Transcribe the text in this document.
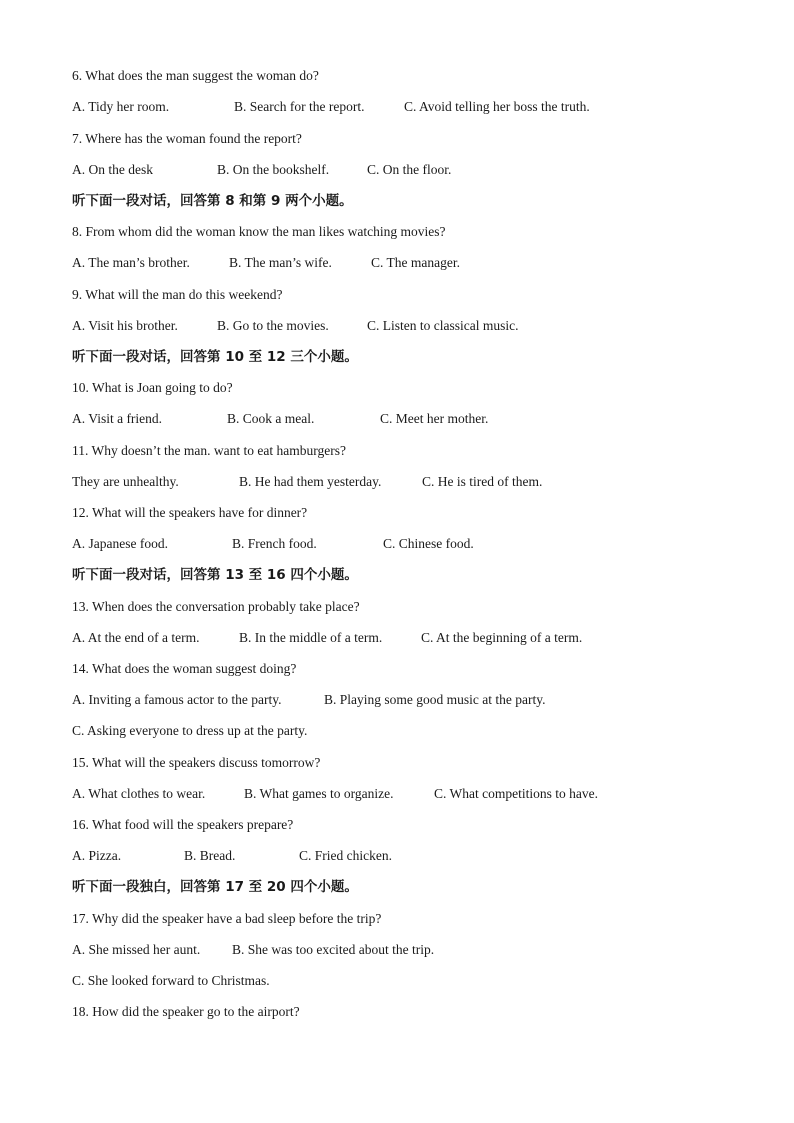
6. What does the man suggest the woman do?
A. Tidy her room.	B. Search for the report.	C. Avoid telling her boss the truth.
7. Where has the woman found the report?
A. On the desk	B. On the bookshelf.	C. On the floor.
听下面一段对话，回答第 8 和第 9 两个小题。
8. From whom did the woman know the man likes watching movies?
A. The man’s brother.	B. The man’s wife.	C. The manager.
9. What will the man do this weekend?
A. Visit his brother.	B. Go to the movies.	C. Listen to classical music.
听下面一段对话，回答第 10 至 12 三个小题。
10. What is Joan going to do?
A. Visit a friend.	B. Cook a meal.	C. Meet her mother.
11. Why doesn’t the man. want to eat hamburgers?
They are unhealthy.	B. He had them yesterday.	C. He is tired of them.
12. What will the speakers have for dinner?
A. Japanese food.	B. French food.	C. Chinese food.
听下面一段对话，回答第 13 至 16 四个小题。
13. When does the conversation probably take place?
A. At the end of a term.	B. In the middle of a term.	C. At the beginning of a term.
14. What does the woman suggest doing?
A. Inviting a famous actor to the party.	B. Playing some good music at the party.
C. Asking everyone to dress up at the party.
15. What will the speakers discuss tomorrow?
A. What clothes to wear.	B. What games to organize.	C. What competitions to have.
16. What food will the speakers prepare?
A. Pizza.	B. Bread.	C. Fried chicken.
听下面一段独白，回答第 17 至 20 四个小题。
17. Why did the speaker have a bad sleep before the trip?
A. She missed her aunt. B. She was too excited about the trip.
C. She looked forward to Christmas.
18. How did the speaker go to the airport?
